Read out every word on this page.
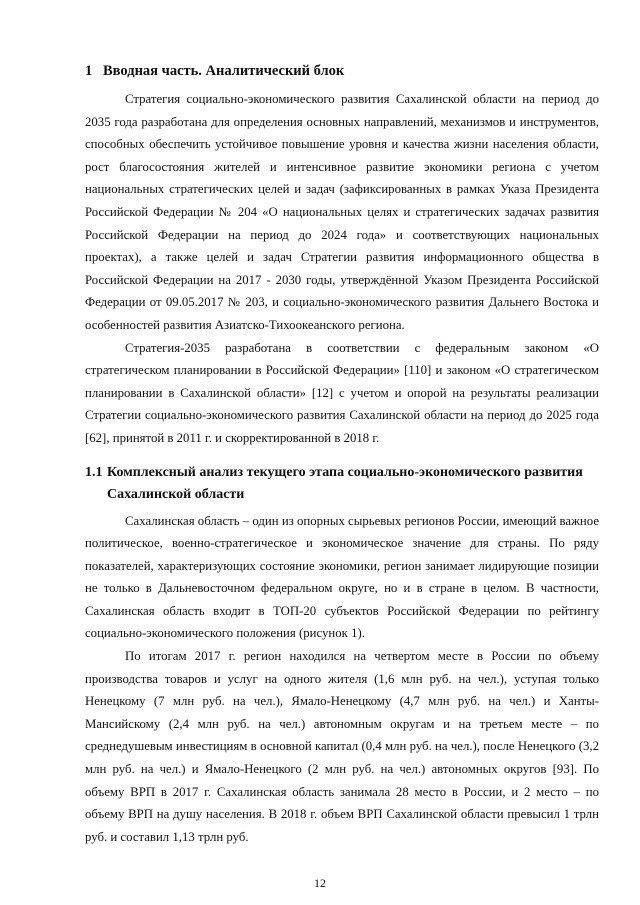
1 Вводная часть. Аналитический блок

Стратегия социально-экономического развития Сахалинской области на период до 2035 года разработана для определения основных направлений, механизмов и инструментов, способных обеспечить устойчивое повышение уровня и качества жизни населения области, рост благосостояния жителей и интенсивное развитие экономики региона с учетом национальных стратегических целей и задач (зафиксированных в рамках Указа Президента Российской Федерации № 204 «О национальных целях и стратегических задачах развития Российской Федерации на период до 2024 года» и соответствующих национальных проектах), а также целей и задач Стратегии развития информационного общества в Российской Федерации на 2017 - 2030 годы, утверждённой Указом Президента Российской Федерации от 09.05.2017 № 203, и социально-экономического развития Дальнего Востока и особенностей развития Азиатско-Тихоокеанского региона.

Стратегия-2035 разработана в соответствии с федеральным законом «О стратегическом планировании в Российской Федерации» [110] и законом «О стратегическом планировании в Сахалинской области» [12] с учетом и опорой на результаты реализации Стратегии социально-экономического развития Сахалинской области на период до 2025 года [62], принятой в 2011 г. и скорректированной в 2018 г.

1.1 Комплексный анализ текущего этапа социально-экономического развития Сахалинской области

Сахалинская область – один из опорных сырьевых регионов России, имеющий важное политическое, военно-стратегическое и экономическое значение для страны. По ряду показателей, характеризующих состояние экономики, регион занимает лидирующие позиции не только в Дальневосточном федеральном округе, но и в стране в целом. В частности, Сахалинская область входит в ТОП-20 субъектов Российской Федерации по рейтингу социально-экономического положения (рисунок 1).

По итогам 2017 г. регион находился на четвертом месте в России по объему производства товаров и услуг на одного жителя (1,6 млн руб. на чел.), уступая только Ненецкому (7 млн руб. на чел.), Ямало-Ненецкому (4,7 млн руб. на чел.) и Ханты-Мансийскому (2,4 млн руб. на чел.) автономным округам и на третьем месте – по среднедушевым инвестициям в основной капитал (0,4 млн руб. на чел.), после Ненецкого (3,2 млн руб. на чел.) и Ямало-Ненецкого (2 млн руб. на чел.) автономных округов [93]. По объему ВРП в 2017 г. Сахалинская область занимала 28 место в России, и 2 место – по объему ВРП на душу населения. В 2018 г. объем ВРП Сахалинской области превысил 1 трлн руб. и составил 1,13 трлн руб.

12
